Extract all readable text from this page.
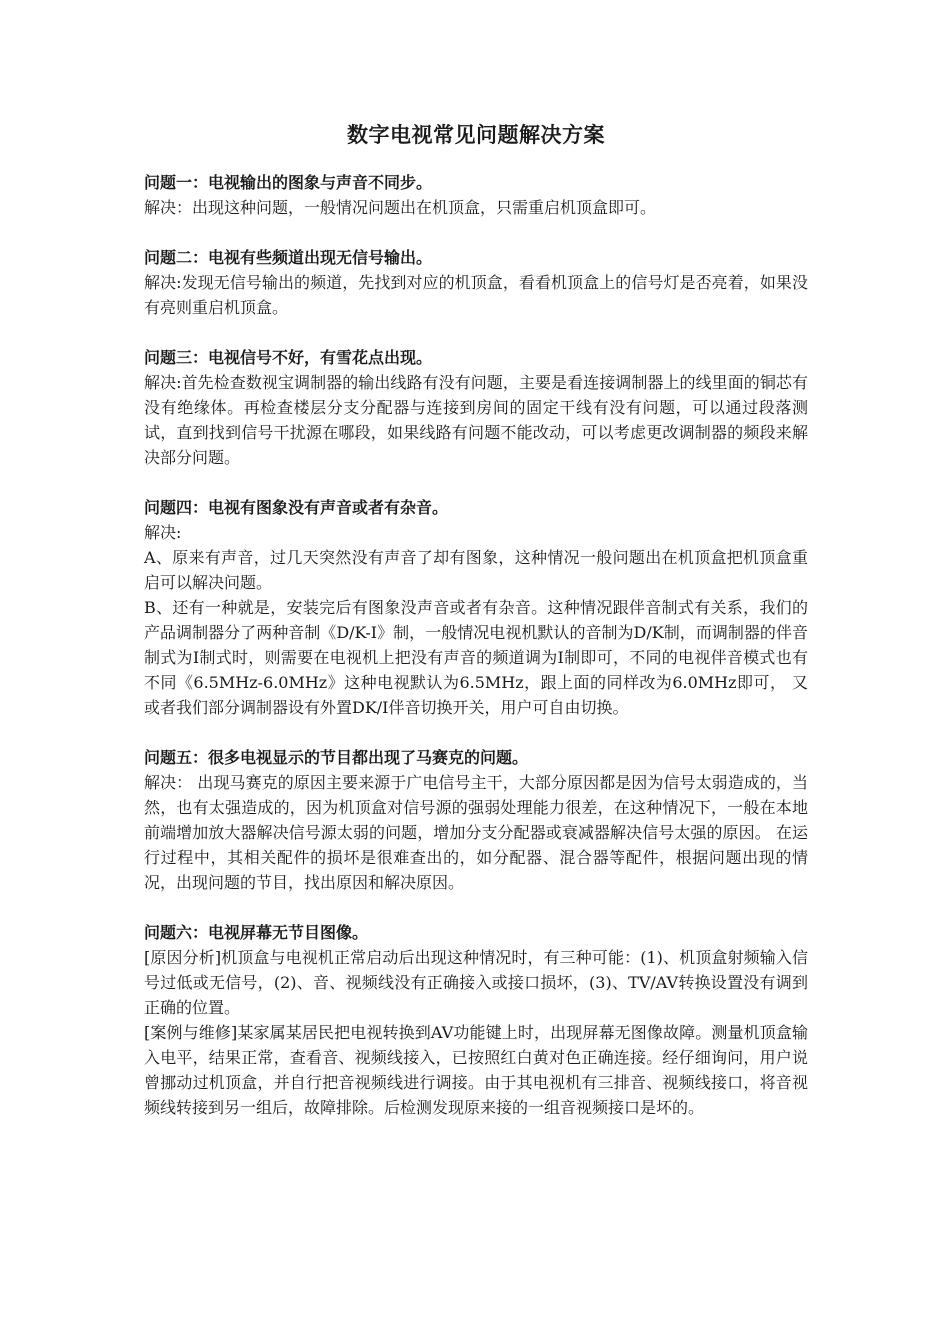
数字电视常见问题解决方案

问题一：电视输出的图象与声音不同步。

解决：出现这种问题，一般情况问题出在机顶盒，只需重启机顶盒即可。

问题二：电视有些频道出现无信号输出。

解决:发现无信号输出的频道，先找到对应的机顶盒，看看机顶盒上的信号灯是否亮着，如果没有亮则重启机顶盒。

问题三：电视信号不好，有雪花点出现。

解决:首先检查数视宝调制器的输出线路有没有问题，主要是看连接调制器上的线里面的铜芯有没有绝缘体。再检查楼层分支分配器与连接到房间的固定干线有没有问题，可以通过段落测试，直到找到信号干扰源在哪段，如果线路有问题不能改动，可以考虑更改调制器的频段来解决部分问题。

问题四：电视有图象没有声音或者有杂音。

解决:

A、原来有声音，过几天突然没有声音了却有图象，这种情况一般问题出在机顶盒把机顶盒重启可以解决问题。

B、还有一种就是，安装完后有图象没声音或者有杂音。这种情况跟伴音制式有关系，我们的产品调制器分了两种音制《D/K-I》制，一般情况电视机默认的音制为D/K制，而调制器的伴音制式为I制式时，则需要在电视机上把没有声音的频道调为I制即可，不同的电视伴音模式也有不同《6.5MHz-6.0MHz》这种电视默认为6.5MHz，跟上面的同样改为6.0MHz即可， 又或者我们部分调制器设有外置DK/I伴音切换开关，用户可自由切换。

问题五：很多电视显示的节目都出现了马赛克的问题。

解决： 出现马赛克的原因主要来源于广电信号主干，大部分原因都是因为信号太弱造成的，当然，也有太强造成的，因为机顶盒对信号源的强弱处理能力很差，在这种情况下，一般在本地前端增加放大器解决信号源太弱的问题，增加分支分配器或衰减器解决信号太强的原因。 在运行过程中，其相关配件的损坏是很难查出的，如分配器、混合器等配件，根据问题出现的情况，出现问题的节目，找出原因和解决原因。

问题六：电视屏幕无节目图像。

[原因分析]机顶盒与电视机正常启动后出现这种情况时，有三种可能：(1)、机顶盒射频输入信号过低或无信号，(2)、音、视频线没有正确接入或接口损坏，(3)、TV/AV转换设置没有调到正确的位置。

[案例与维修]某家属某居民把电视转换到AV功能键上时，出现屏幕无图像故障。测量机顶盒输入电平，结果正常，查看音、视频线接入，已按照红白黄对色正确连接。经仔细询问，用户说曾挪动过机顶盒，并自行把音视频线进行调接。由于其电视机有三排音、视频线接口，将音视频线转接到另一组后，故障排除。后检测发现原来接的一组音视频接口是坏的。
